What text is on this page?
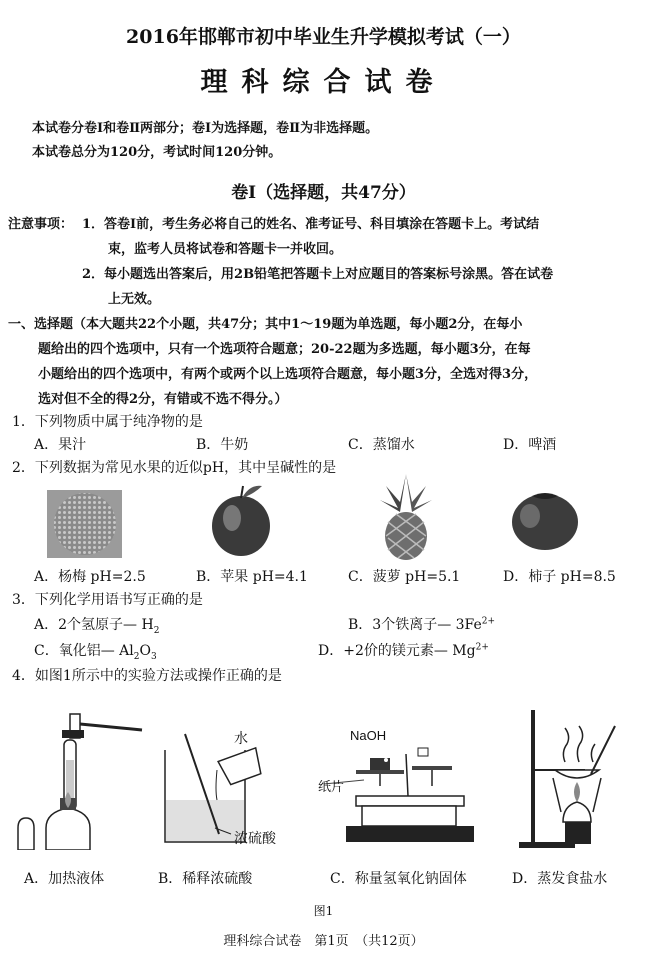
2016年邯郸市初中毕业生升学模拟考试（一）
理科综合试卷
本试卷分卷Ⅰ和卷Ⅱ两部分；卷Ⅰ为选择题，卷Ⅱ为非选择题。
本试卷总分为120分，考试时间120分钟。
卷Ⅰ（选择题，共47分）
注意事项： 1．答卷Ⅰ前，考生务必将自己的姓名、准考证号、科目填涂在答题卡上。考试结
束，监考人员将试卷和答题卡一并收回。
2．每小题选出答案后，用2B铅笔把答题卡上对应题目的答案标号涂黑。答在试卷
上无效。
一、选择题（本大题共22个小题，共47分；其中1～19题为单选题，每小题2分，在每小
题给出的四个选项中，只有一个选项符合题意；20-22题为多选题，每小题3分，在每
小题给出的四个选项中，有两个或两个以上选项符合题意，每小题3分，全选对得3分，
选对但不全的得2分，有错或不选不得分。）
1．下列物质中属于纯净物的是
A．果汁	B．牛奶	C．蒸馏水	D．啤酒
2．下列数据为常见水果的近似pH，其中呈碱性的是
A．杨梅 pH=2.5	B．苹果 pH=4.1	C．菠萝 pH=5.1	D．柿子 pH=8.5
3．下列化学用语书写正确的是
A．2个氢原子— $H_2$	B．3个铁离子— $3Fe^{2+}$
C．氧化铝— $Al_2O_3$	D．+2价的镁元素— $Mg^{2+}$
4．如图1所示中的实验方法或操作正确的是
A．加热液体
水
浓硫酸
B．稀释浓硫酸
NaOH
纸片
C．称量氢氧化钠固体	D．蒸发食盐水
图1
理科综合试卷　第1页　（共12页）
